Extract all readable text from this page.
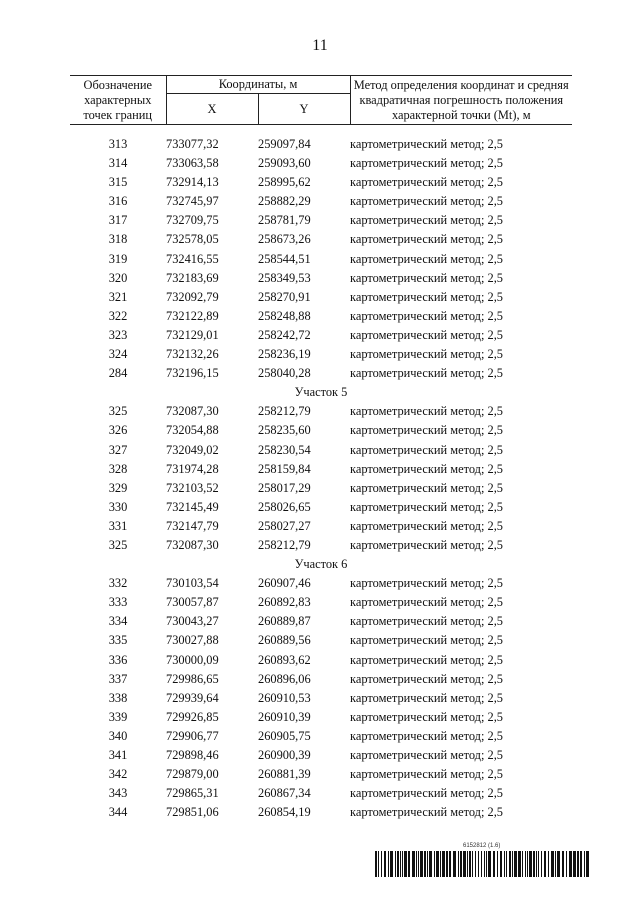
11
Обозначение характерных точек границ	Координаты, м		Метод определения координат и средняя квадратичная погрешность положения характерной точки (Mt), м
	X	Y	

313	733077,32	259097,84	картометрический метод; 2,5
314	733063,58	259093,60	картометрический метод; 2,5
315	732914,13	258995,62	картометрический метод; 2,5
316	732745,97	258882,29	картометрический метод; 2,5
317	732709,75	258781,79	картометрический метод; 2,5
318	732578,05	258673,26	картометрический метод; 2,5
319	732416,55	258544,51	картометрический метод; 2,5
320	732183,69	258349,53	картометрический метод; 2,5
321	732092,79	258270,91	картометрический метод; 2,5
322	732122,89	258248,88	картометрический метод; 2,5
323	732129,01	258242,72	картометрический метод; 2,5
324	732132,26	258236,19	картометрический метод; 2,5
284	732196,15	258040,28	картометрический метод; 2,5
Участок 5			
325	732087,30	258212,79	картометрический метод; 2,5
326	732054,88	258235,60	картометрический метод; 2,5
327	732049,02	258230,54	картометрический метод; 2,5
328	731974,28	258159,84	картометрический метод; 2,5
329	732103,52	258017,29	картометрический метод; 2,5
330	732145,49	258026,65	картометрический метод; 2,5
331	732147,79	258027,27	картометрический метод; 2,5
325	732087,30	258212,79	картометрический метод; 2,5
Участок 6			
332	730103,54	260907,46	картометрический метод; 2,5
333	730057,87	260892,83	картометрический метод; 2,5
334	730043,27	260889,87	картометрический метод; 2,5
335	730027,88	260889,56	картометрический метод; 2,5
336	730000,09	260893,62	картометрический метод; 2,5
337	729986,65	260896,06	картометрический метод; 2,5
338	729939,64	260910,53	картометрический метод; 2,5
339	729926,85	260910,39	картометрический метод; 2,5
340	729906,77	260905,75	картометрический метод; 2,5
341	729898,46	260900,39	картометрический метод; 2,5
342	729879,00	260881,39	картометрический метод; 2,5
343	729865,31	260867,34	картометрический метод; 2,5
344	729851,06	260854,19	картометрический метод; 2,5
6152812 (1.6)
